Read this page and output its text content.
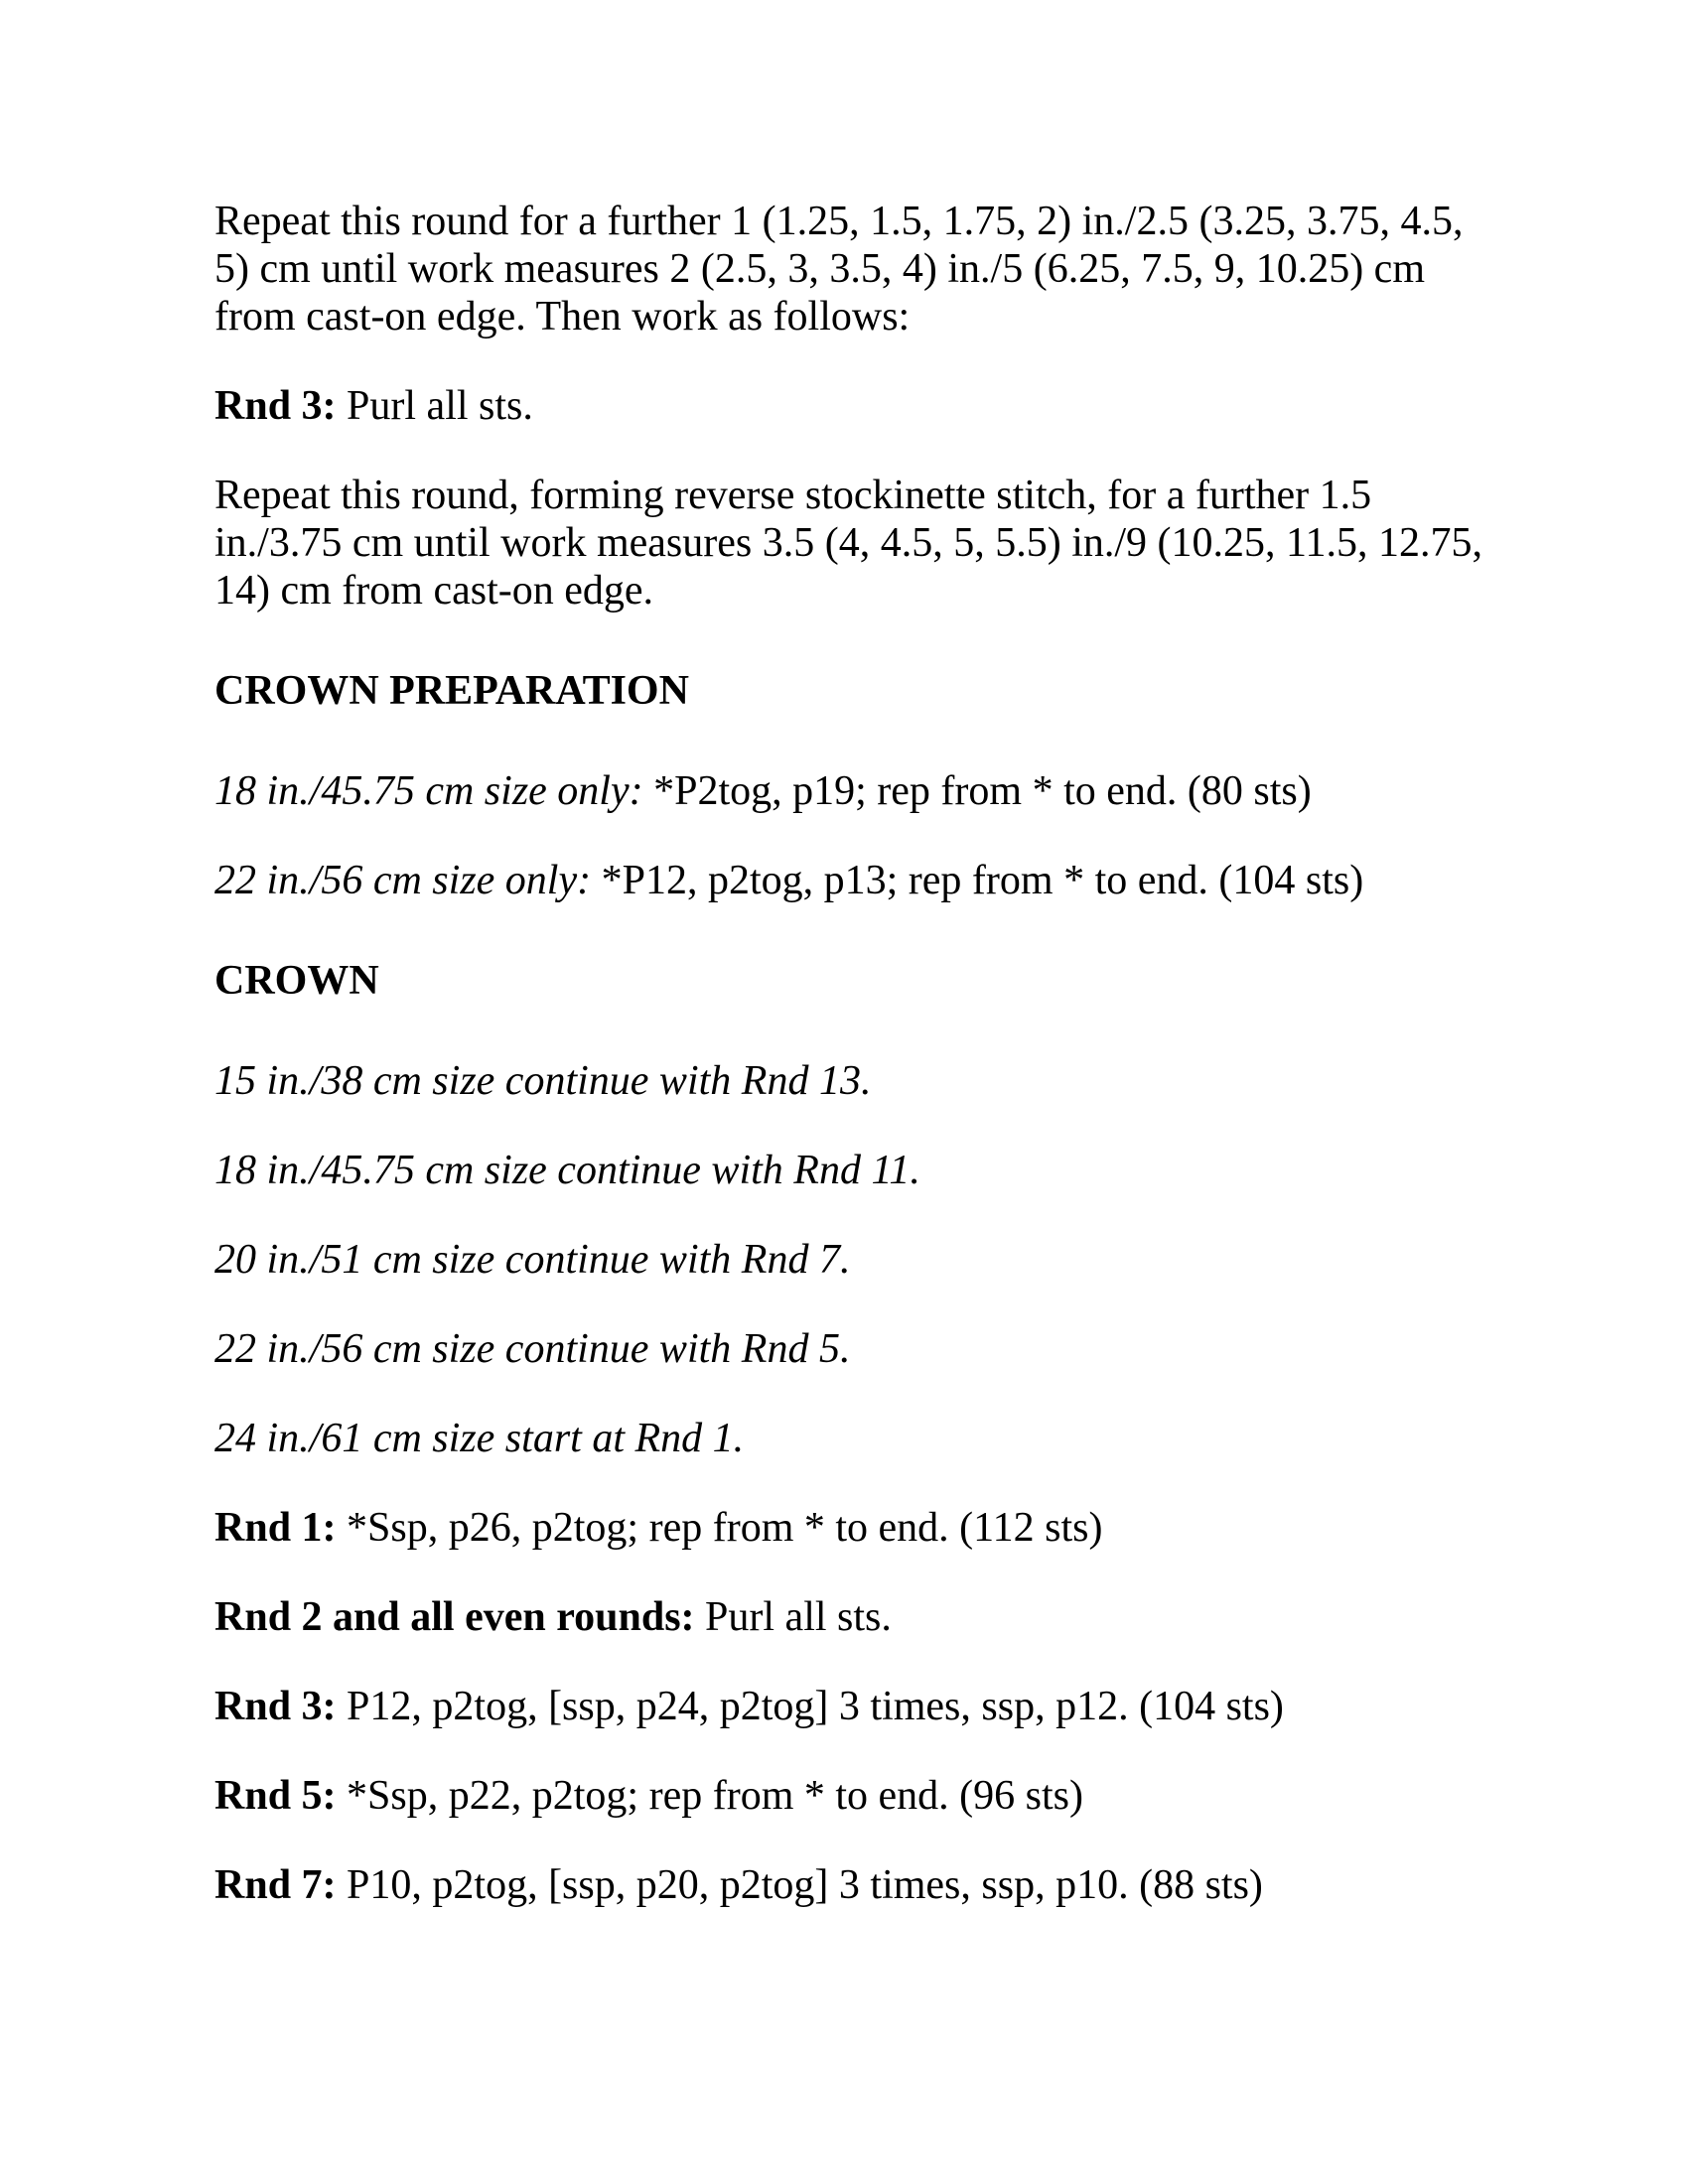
Repeat this round for a further 1 (1.25, 1.5, 1.75, 2) in./2.5 (3.25, 3.75, 4.5, 5) cm until work measures 2 (2.5, 3, 3.5, 4) in./5 (6.25, 7.5, 9, 10.25) cm from cast-on edge. Then work as follows:

Rnd 3: Purl all sts.

Repeat this round, forming reverse stockinette stitch, for a further 1.5 in./3.75 cm until work measures 3.5 (4, 4.5, 5, 5.5) in./9 (10.25, 11.5, 12.75, 14) cm from cast-on edge.

CROWN PREPARATION

18 in./45.75 cm size only: *P2tog, p19; rep from * to end. (80 sts)

22 in./56 cm size only: *P12, p2tog, p13; rep from * to end. (104 sts)

CROWN

15 in./38 cm size continue with Rnd 13.

18 in./45.75 cm size continue with Rnd 11.

20 in./51 cm size continue with Rnd 7.

22 in./56 cm size continue with Rnd 5.

24 in./61 cm size start at Rnd 1.

Rnd 1: *Ssp, p26, p2tog; rep from * to end. (112 sts)

Rnd 2 and all even rounds: Purl all sts.

Rnd 3: P12, p2tog, [ssp, p24, p2tog] 3 times, ssp, p12. (104 sts)

Rnd 5: *Ssp, p22, p2tog; rep from * to end. (96 sts)

Rnd 7: P10, p2tog, [ssp, p20, p2tog] 3 times, ssp, p10. (88 sts)
